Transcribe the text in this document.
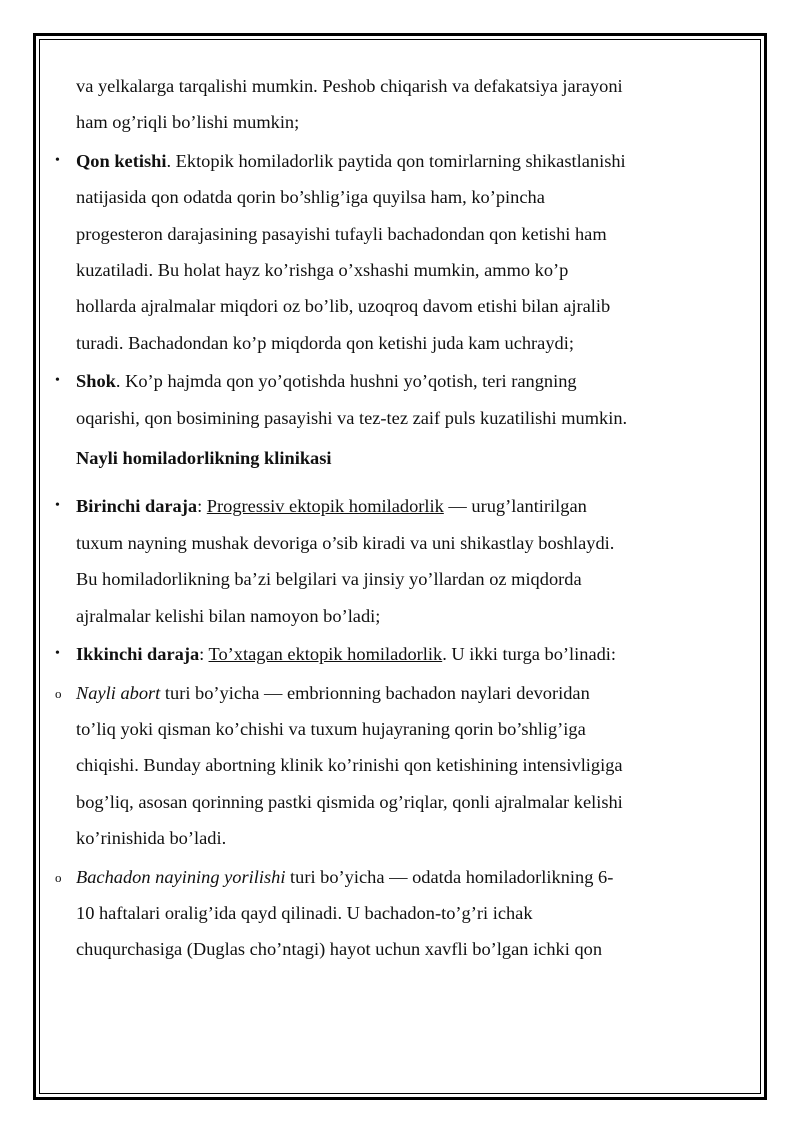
va yelkalarga tarqalishi mumkin. Peshob chiqarish va defakatsiya jarayoni

ham og’riqli bo’lishi mumkin;

• Qon ketishi. Ektopik homiladorlik paytida qon tomirlarning shikastlanishi

natijasida qon odatda qorin bo’shlig’iga quyilsa ham, ko’pincha

progesteron darajasining pasayishi tufayli bachadondan qon ketishi ham

kuzatiladi. Bu holat hayz ko’rishga o’xshashi mumkin, ammo ko’p

hollarda ajralmalar miqdori oz bo’lib, uzoqroq davom etishi bilan ajralib

turadi. Bachadondan ko’p miqdorda qon ketishi juda kam uchraydi;

• Shok. Ko’p hajmda qon yo’qotishda hushni yo’qotish, teri rangning

oqarishi, qon bosimining pasayishi va tez-tez zaif puls kuzatilishi mumkin.

Nayli homiladorlikning klinikasi

• Birinchi daraja: Progressiv ektopik homiladorlik — urug’lantirilgan

tuxum nayning mushak devoriga o’sib kiradi va uni shikastlay boshlaydi.

Bu homiladorlikning ba’zi belgilari va jinsiy yo’llardan oz miqdorda

ajralmalar kelishi bilan namoyon bo’ladi;

• Ikkinchi daraja: To’xtagan ektopik homiladorlik. U ikki turga bo’linadi:

o Nayli abort turi bo’yicha — embrionning bachadon naylari devoridan

to’liq yoki qisman ko’chishi va tuxum hujayraning qorin bo’shlig’iga

chiqishi. Bunday abortning klinik ko’rinishi qon ketishining intensivligiga

bog’liq, asosan qorinning pastki qismida og’riqlar, qonli ajralmalar kelishi

ko’rinishida bo’ladi.

o Bachadon nayining yorilishi turi bo’yicha — odatda homiladorlikning 6-

10 haftalari oralig’ida qayd qilinadi. U bachadon-to’g’ri ichak

chuqurchasiga (Duglas cho’ntagi) hayot uchun xavfli bo’lgan ichki qon
